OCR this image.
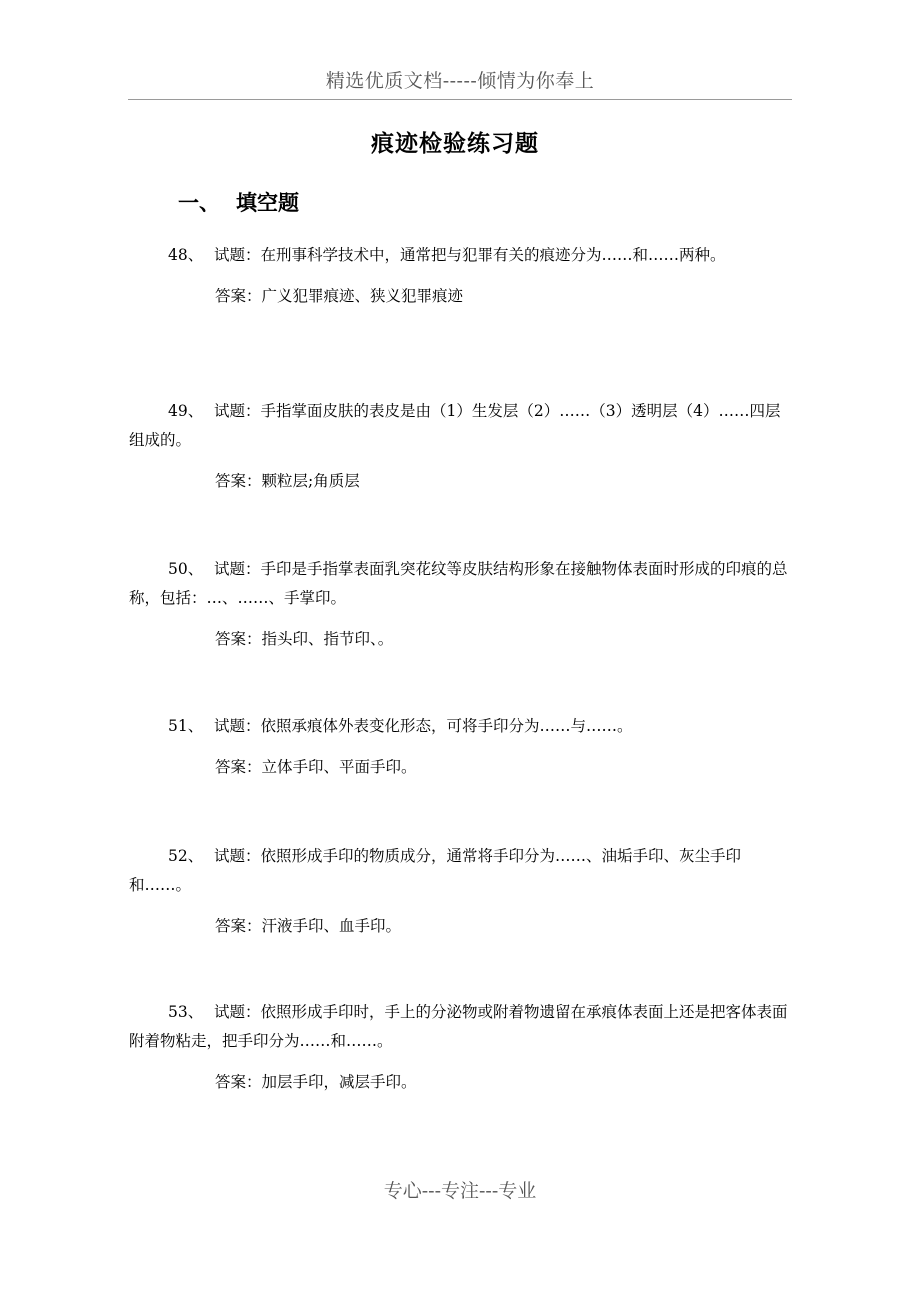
精选优质文档-----倾情为你奉上
痕迹检验练习题
一、 填空题

48、 试题：在刑事科学技术中，通常把与犯罪有关的痕迹分为……和……两种。

答案：广义犯罪痕迹、狭义犯罪痕迹

49、 试题：手指掌面皮肤的表皮是由（1）生发层（2）……（3）透明层（4）……四层组成的。

答案：颗粒层;角质层

50、 试题：手印是手指掌表面乳突花纹等皮肤结构形象在接触物体表面时形成的印痕的总称，包括：…、……、手掌印。

答案：指头印、指节印、。

51、 试题：依照承痕体外表变化形态，可将手印分为……与……。

答案：立体手印、平面手印。

52、 试题：依照形成手印的物质成分，通常将手印分为……、油垢手印、灰尘手印和……。

答案：汗液手印、血手印。

53、 试题：依照形成手印时，手上的分泌物或附着物遗留在承痕体表面上还是把客体表面附着物粘走，把手印分为……和……。

答案：加层手印，减层手印。

专心---专注---专业
